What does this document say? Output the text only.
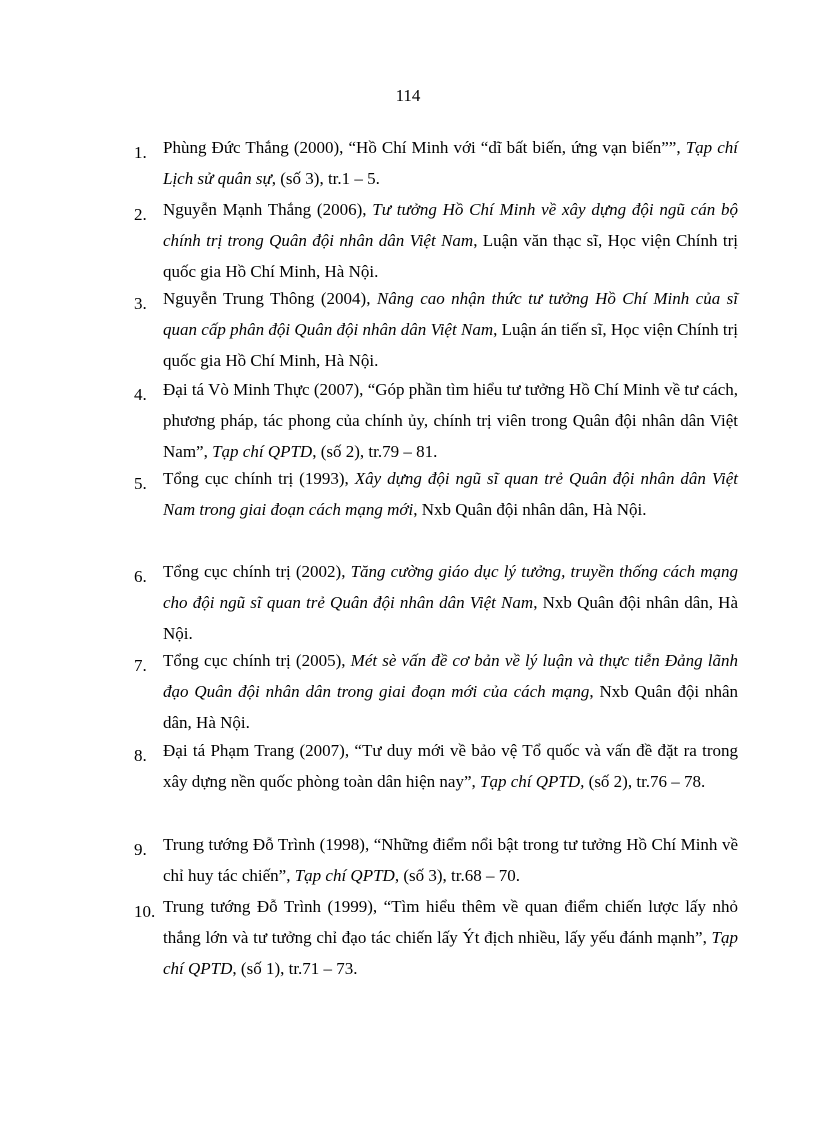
114
1. Phùng Đức Thắng (2000), “Hồ Chí Minh với “dĩ bất biến, ứng vạn biến””, Tạp chí Lịch sử quân sự, (số 3), tr.1 – 5.
2. Nguyễn Mạnh Thắng (2006), Tư tưởng Hồ Chí Minh về xây dựng đội ngũ cán bộ chính trị trong Quân đội nhân dân Việt Nam, Luận văn thạc sĩ, Học viện Chính trị quốc gia Hồ Chí Minh, Hà Nội.
3. Nguyễn Trung Thông (2004), Nâng cao nhận thức tư tưởng Hồ Chí Minh của sĩ quan cấp phân đội Quân đội nhân dân Việt Nam, Luận án tiến sĩ, Học viện Chính trị quốc gia Hồ Chí Minh, Hà Nội.
4. Đại tá Vò Minh Thực (2007), “Góp phần tìm hiểu tư tưởng Hồ Chí Minh về tư cách, phương pháp, tác phong của chính ủy, chính trị viên trong Quân đội nhân dân Việt Nam”, Tạp chí QPTD, (số 2), tr.79 – 81.
5. Tổng cục chính trị (1993), Xây dựng đội ngũ sĩ quan trẻ Quân đội nhân dân Việt Nam trong giai đoạn cách mạng mới, Nxb Quân đội nhân dân, Hà Nội.
6. Tổng cục chính trị (2002), Tăng cường giáo dục lý tưởng, truyền thống cách mạng cho đội ngũ sĩ quan trẻ Quân đội nhân dân Việt Nam, Nxb Quân đội nhân dân, Hà Nội.
7. Tổng cục chính trị (2005), Mét sè vấn đề cơ bản về lý luận và thực tiễn Đảng lãnh đạo Quân đội nhân dân trong giai đoạn mới của cách mạng, Nxb Quân đội nhân dân, Hà Nội.
8. Đại tá Phạm Trang (2007), “Tư duy mới về bảo vệ Tổ quốc và vấn đề đặt ra trong xây dựng nền quốc phòng toàn dân hiện nay”, Tạp chí QPTD, (số 2), tr.76 – 78.
9. Trung tướng Đỗ Trình (1998), “Những điểm nổi bật trong tư tưởng Hồ Chí Minh về chỉ huy tác chiến”, Tạp chí QPTD, (số 3), tr.68 – 70.
10. Trung tướng Đỗ Trình (1999), “Tìm hiểu thêm về quan điểm chiến lược lấy nhỏ thắng lớn và tư tưởng chỉ đạo tác chiến lấy Ýt địch nhiều, lấy yếu đánh mạnh”, Tạp chí QPTD, (số 1), tr.71 – 73.
